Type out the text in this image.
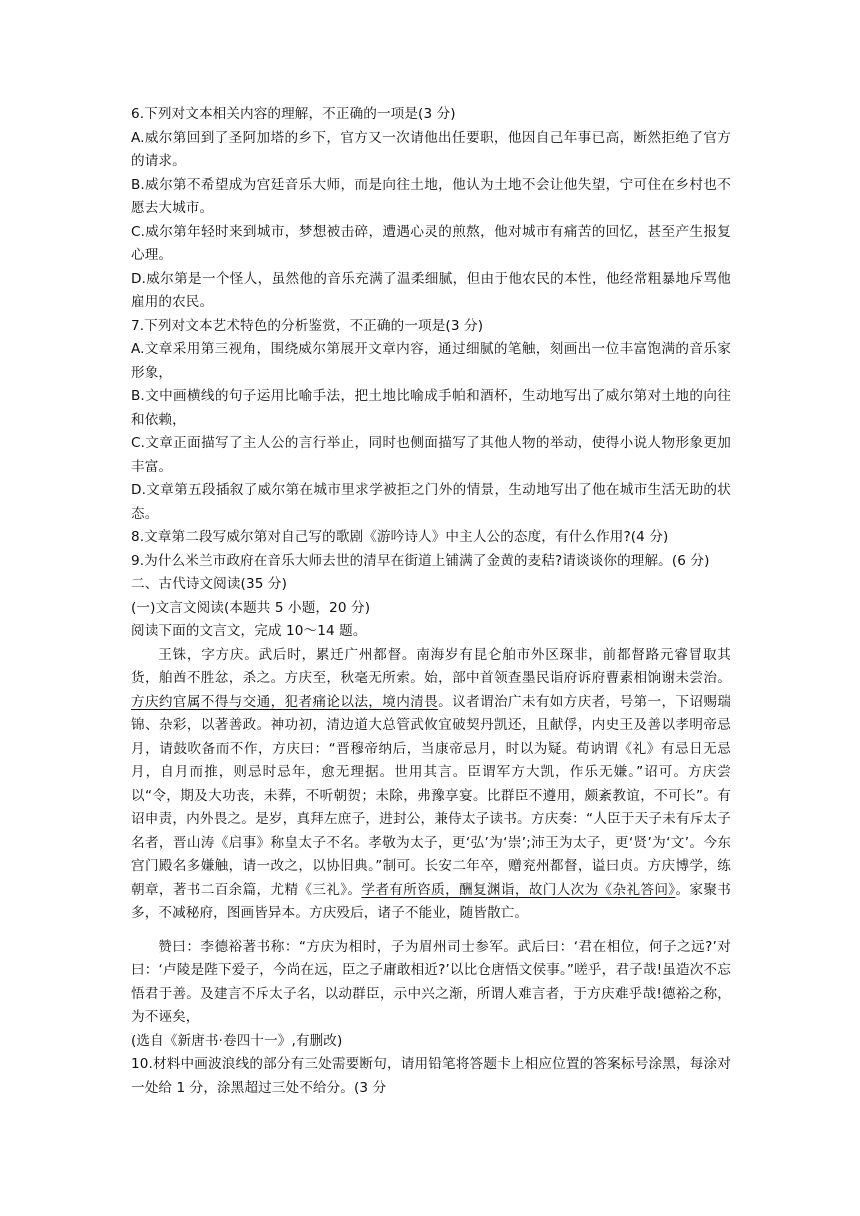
6.下列对文本相关内容的理解，不正确的一项是(3 分)

A.威尔第回到了圣阿加塔的乡下，官方又一次请他出任要职，他因自己年事已高，断然拒绝了官方的请求。

B.威尔第不希望成为宫廷音乐大师，而是向往土地，他认为土地不会让他失望，宁可住在乡村也不愿去大城市。

C.威尔第年轻时来到城市，梦想被击碎，遭遇心灵的煎熬，他对城市有痛苦的回忆，甚至产生报复心理。

D.威尔第是一个怪人，虽然他的音乐充满了温柔细腻，但由于他农民的本性，他经常粗暴地斥骂他雇用的农民。

7.下列对文本艺术特色的分析鉴赏，不正确的一项是(3 分)

A.文章采用第三视角，围绕威尔第展开文章内容，通过细腻的笔触，刻画出一位丰富饱满的音乐家形象，

B.文中画横线的句子运用比喻手法，把土地比喻成手帕和酒杯，生动地写出了威尔第对土地的向往和依赖，

C.文章正面描写了主人公的言行举止，同时也侧面描写了其他人物的举动，使得小说人物形象更加丰富。

D.文章第五段插叙了威尔第在城市里求学被拒之门外的情景，生动地写出了他在城市生活无助的状态。

8.文章第二段写威尔第对自己写的歌剧《游吟诗人》中主人公的态度，有什么作用?(4 分)

9.为什么米兰市政府在音乐大师去世的清早在街道上铺满了金黄的麦秸?请谈谈你的理解。(6 分)

二、古代诗文阅读(35 分)

(一)文言文阅读(本题共 5 小题，20 分)

阅读下面的文言文，完成 10～14 题。

王铢，字方庆。武后时，累迁广州都督。南海岁有昆仑舶市外区琛非，前都督路元睿冒取其货，舶酋不胜忿，杀之。方庆至，秋毫无所索。始，部中首领查墨民诣府诉府曹素相饷谢未尝治。方庆约官属不得与交通，犯者痛论以法，境内清畏。议者谓治广未有如方庆者，号第一，下诏赐瑞锦、杂彩，以著善政。神功初，清边道大总管武攸宜破契丹凯还，且献俘，内史王及善以孝明帝忌月，请鼓吹备而不作，方庆曰：“晋穆帝纳后，当康帝忌月，时以为疑。荀讷谓《礼》有忌日无忌月，自月而推，则忌时忌年，愈无理据。世用其言。臣谓军方大凯，作乐无嫌。”诏可。方庆尝以“令，期及大功丧，未葬，不听朝贺；未除，弗豫享宴。比群臣不遵用，颇紊教谊，不可长”。有诏申责，内外畏之。是岁，真拜左庶子，进封公，兼侍太子读书。方庆奏：“人臣于天子未有斥太子名者，晋山涛《启事》称皇太子不名。孝敬为太子，更‘弘’为‘崇’;沛王为太子，更‘贤’为‘文’。今东宫门殿名多嫌触，请一改之，以协旧典。”制可。长安二年卒，赠兖州都督，谥曰贞。方庆博学，练朝章，著书二百余篇，尤精《三礼》。学者有所咨质，酬复渊诣，故门人次为《杂礼答问》。家聚书多，不减秘府，图画皆异本。方庆殁后，诸子不能业，随皆散亡。

赞曰：李德裕著书称：“方庆为相时，子为眉州司士参军。武后曰：‘君在相位，何子之远?’对曰：‘卢陵是陛下爱子，今尚在远，臣之子庸敢相近?’以比仓唐悟文侯事。”嗟乎，君子哉!虽造次不忘悟君于善。及建言不斥太子名，以动群臣，示中兴之渐，所谓人难言者，于方庆难乎哉!德裕之称，为不诬矣，

(选自《新唐书·卷四十一》,有删改)

10.材料中画波浪线的部分有三处需要断句，请用铅笔将答题卡上相应位置的答案标号涂黑，每涂对一处给 1 分，涂黑超过三处不给分。(3 分
